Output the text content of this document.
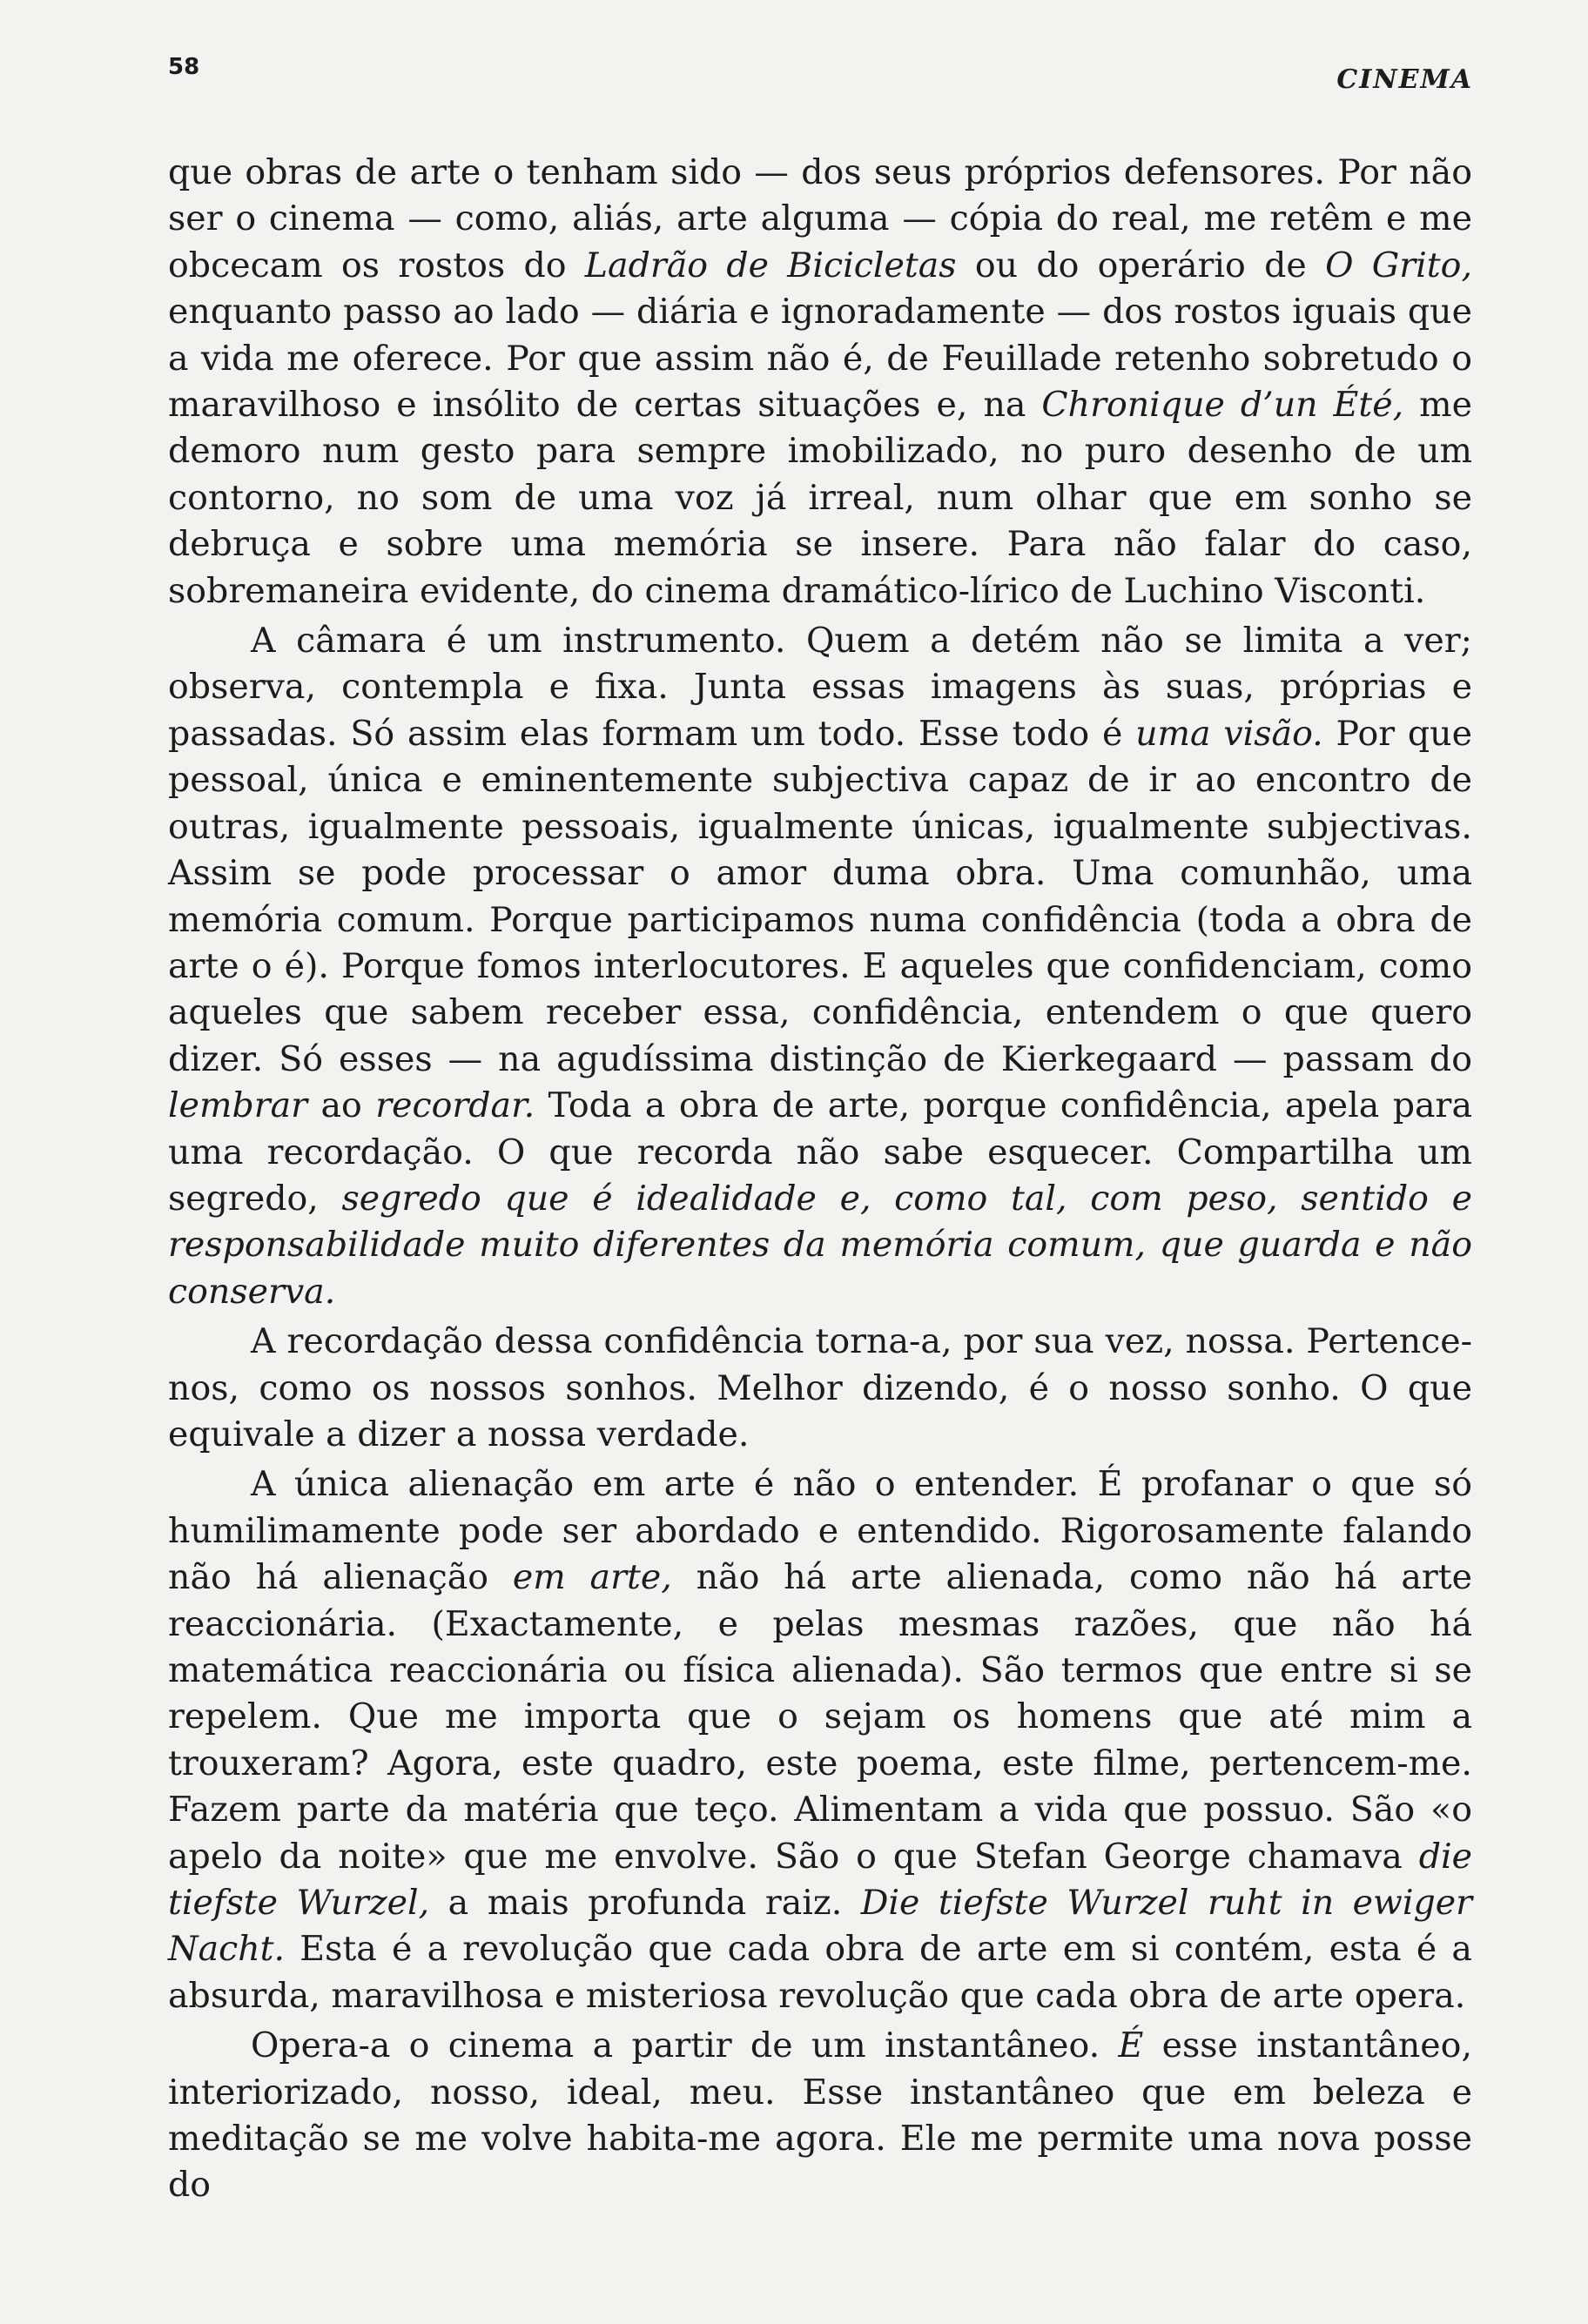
58	CINEMA

que obras de arte o tenham sido — dos seus próprios defensores. Por não ser o cinema — como, aliás, arte alguma — cópia do real, me retêm e me obcecam os rostos do Ladrão de Bicicletas ou do operário de O Grito, enquanto passo ao lado — diária e ignoradamente — dos rostos iguais que a vida me oferece. Por que assim não é, de Feuillade retenho sobretudo o maravilhoso e insólito de certas situações e, na Chronique d’un Été, me demoro num gesto para sempre imobilizado, no puro desenho de um contorno, no som de uma voz já irreal, num olhar que em sonho se debruça e sobre uma memória se insere. Para não falar do caso, sobremaneira evidente, do cinema dramático-lírico de Luchino Visconti.

A câmara é um instrumento. Quem a detém não se limita a ver; observa, contempla e fixa. Junta essas imagens às suas, próprias e passadas. Só assim elas formam um todo. Esse todo é uma visão. Por que pessoal, única e eminentemente subjectiva capaz de ir ao encontro de outras, igualmente pessoais, igualmente únicas, igualmente subjectivas. Assim se pode processar o amor duma obra. Uma comunhão, uma memória comum. Porque participamos numa confidência (toda a obra de arte o é). Porque fomos interlocutores. E aqueles que confidenciam, como aqueles que sabem receber essa, confidência, entendem o que quero dizer. Só esses — na agudíssima distinção de Kierkegaard — passam do lembrar ao recordar. Toda a obra de arte, porque confidência, apela para uma recordação. O que recorda não sabe esquecer. Compartilha um segredo, segredo que é idealidade e, como tal, com peso, sentido e responsabilidade muito diferentes da memória comum, que guarda e não conserva.

A recordação dessa confidência torna-a, por sua vez, nossa. Pertence-nos, como os nossos sonhos. Melhor dizendo, é o nosso sonho. O que equivale a dizer a nossa verdade.

A única alienação em arte é não o entender. É profanar o que só humilimamente pode ser abordado e entendido. Rigorosamente falando não há alienação em arte, não há arte alienada, como não há arte reaccionária. (Exactamente, e pelas mesmas razões, que não há matemática reaccionária ou física alienada). São termos que entre si se repelem. Que me importa que o sejam os homens que até mim a trouxeram? Agora, este quadro, este poema, este filme, pertencem-me. Fazem parte da matéria que teço. Alimentam a vida que possuo. São «o apelo da noite» que me envolve. São o que Stefan George chamava die tiefste Wurzel, a mais profunda raiz. Die tiefste Wurzel ruht in ewiger Nacht. Esta é a revolução que cada obra de arte em si contém, esta é a absurda, maravilhosa e misteriosa revolução que cada obra de arte opera.

Opera-a o cinema a partir de um instantâneo. É esse instantâneo, interiorizado, nosso, ideal, meu. Esse instantâneo que em beleza e meditação se me volve habita-me agora. Ele me permite uma nova posse do
